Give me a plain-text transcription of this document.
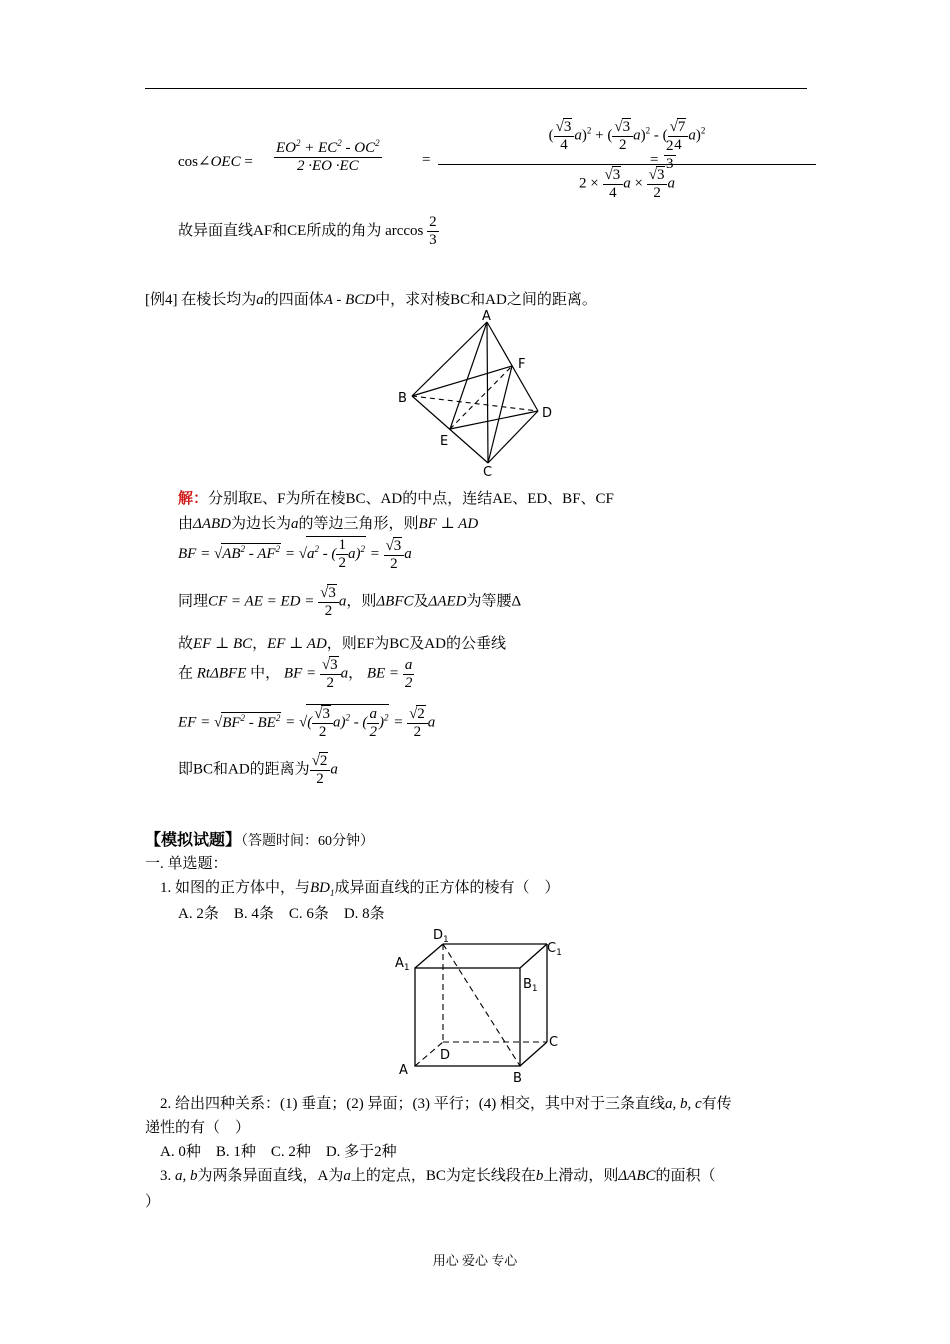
cos∠OEC = $\frac{EO^2 + EC^2 - OC^2}{2 \cdot EO \cdot EC}$	=
( $\frac{√3}{4} a)^2$ + ( $\frac{√3}{2} a)^2$ - ( $\frac{√7}{4} a)^2$
$2 \times \frac{√3}{4}$ $a \times \frac{√3}{2}$ a
= $\frac{2}{3}$
故异面直线AF和CE所成的角为 $\arccos \frac{2}{3}$
[例4] 在棱长均为a的四面体A - BCD中，求对棱BC和AD之间的距离。
A
B
C
D
E
F
解：分别取E、F为所在棱BC、AD的中点，连结AE、ED、BF、CF
由ΔABD为边长为a的等边三角形，则BF ⊥ AD
BF = $√AB^2 - AF^2 = √a^2$ - ( $\frac{1}{2} a)^2 = \frac{√3}{2}$ a
同理CF = AE = ED = $\frac{√3}{2}$ a，则ΔBFC及ΔAED为等腰Δ
故EF ⊥ BC，EF ⊥ AD，则EF为BC及AD的公垂线
在 RtΔBFE 中， BF = $\frac{√3}{2}$ a， BE = $\frac{a}{2}$
EF = $√BF^2 - BE^2$ = √( $\frac{√3}{2} a)^2$ - ( $\frac{a}{2} )^2 = \frac{√2}{2}$ a
即BC和AD的距离为 $\frac{√2}{2}$ a
【模拟试题】（答题时间：60分钟）
一. 单选题：
1. 如图的正方体中，与$BD_1$成异面直线的正方体的棱有（　）
A. 2条　B. 4条　C. 6条　D. 8条
$D_1$
$C_1$
$A_1$
$B_1$
C
D
A
B
2. 给出四种关系：(1) 垂直；(2) 异面；(3) 平行；(4) 相交，其中对于三条直线a, b, c有传
递性的有（　）
A. 0种　B. 1种　C. 2种　D. 多于2种
3. a, b为两条异面直线，A为a上的定点，BC为定长线段在b上滑动，则ΔABC的面积（
）
用心 爱心 专心
